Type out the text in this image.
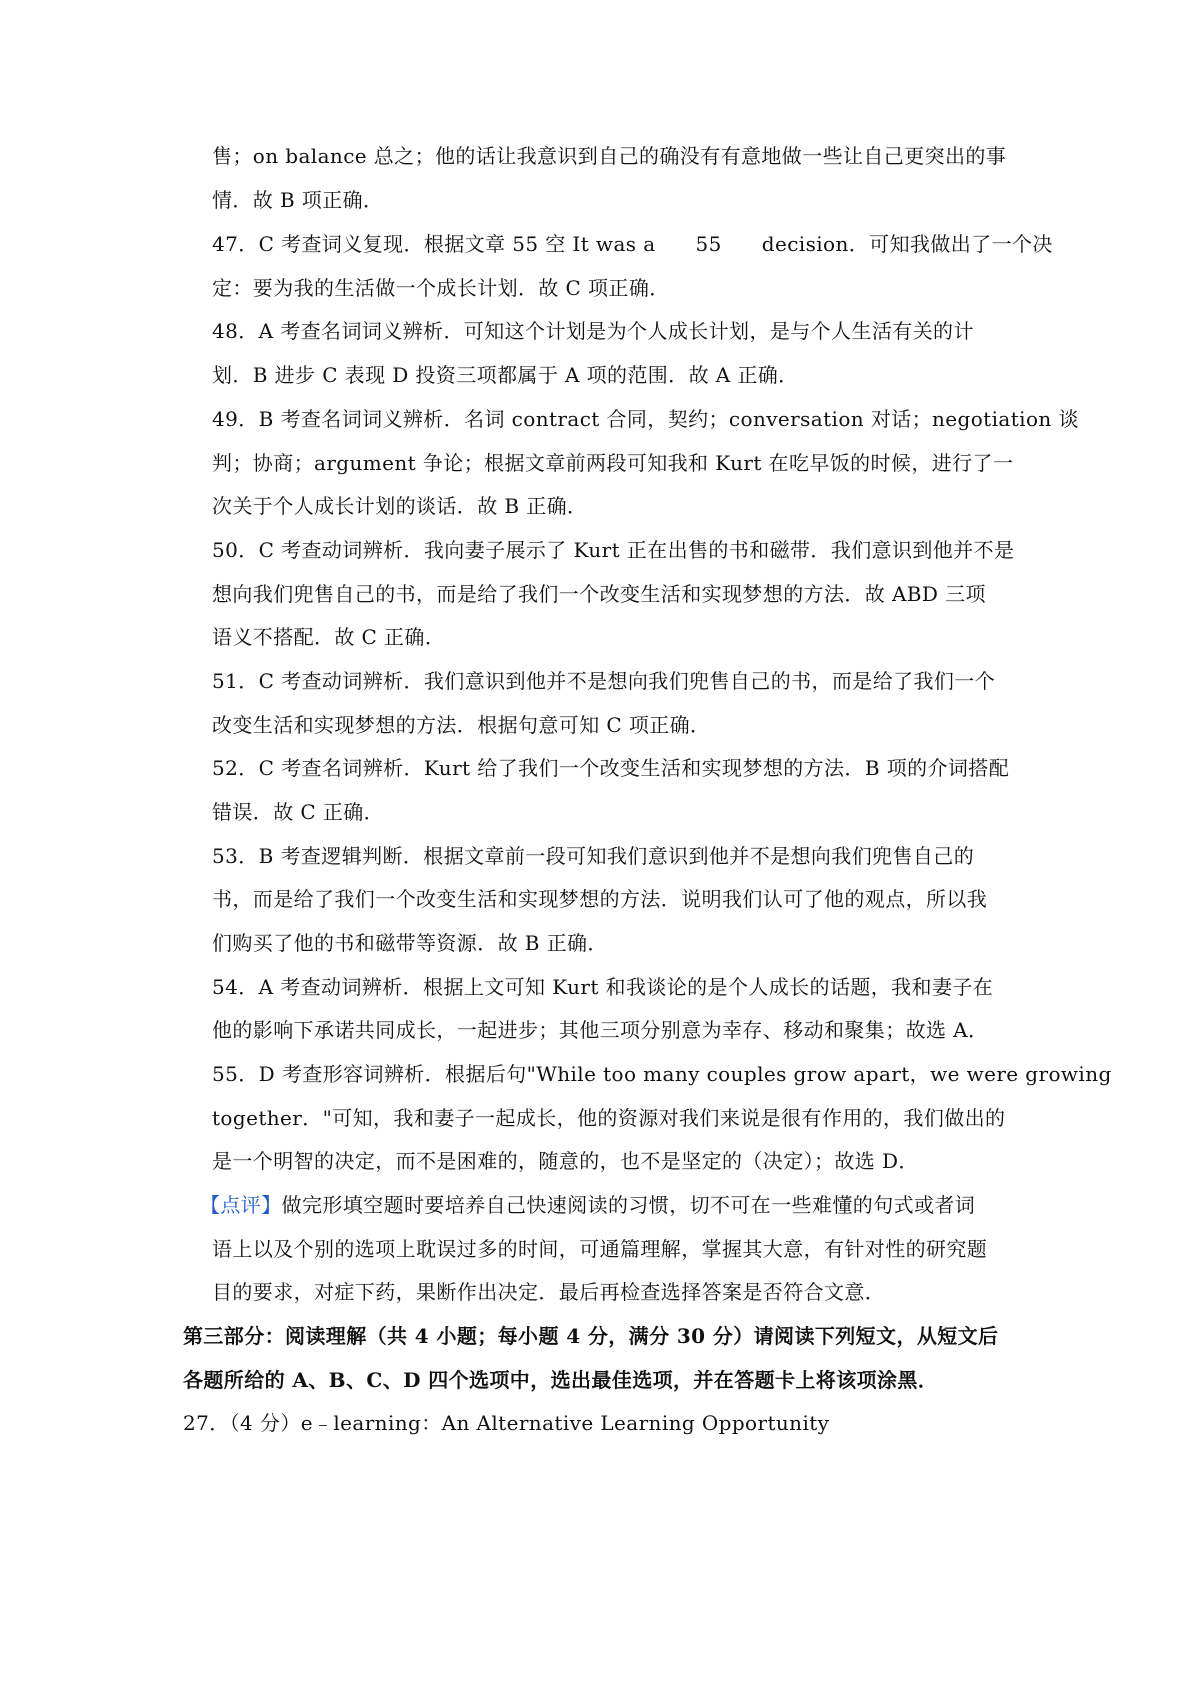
售；on balance 总之；他的话让我意识到自己的确没有有意地做一些让自己更突出的事
情．故 B 项正确．
47．C 考查词义复现．根据文章 55 空 It was a 55 decision．可知我做出了一个决
定：要为我的生活做一个成长计划．故 C 项正确．
48．A 考查名词词义辨析．可知这个计划是为个人成长计划，是与个人生活有关的计
划．B 进步 C 表现 D 投资三项都属于 A 项的范围．故 A 正确．
49．B 考查名词词义辨析．名词 contract 合同，契约；conversation 对话；negotiation 谈
判；协商；argument 争论；根据文章前两段可知我和 Kurt 在吃早饭的时候，进行了一
次关于个人成长计划的谈话．故 B 正确．
50．C 考查动词辨析．我向妻子展示了 Kurt 正在出售的书和磁带．我们意识到他并不是
想向我们兜售自己的书，而是给了我们一个改变生活和实现梦想的方法．故 ABD 三项
语义不搭配．故 C 正确．
51．C 考查动词辨析．我们意识到他并不是想向我们兜售自己的书，而是给了我们一个
改变生活和实现梦想的方法．根据句意可知 C 项正确．
52．C 考查名词辨析．Kurt 给了我们一个改变生活和实现梦想的方法．B 项的介词搭配
错误．故 C 正确．
53．B 考查逻辑判断．根据文章前一段可知我们意识到他并不是想向我们兜售自己的
书，而是给了我们一个改变生活和实现梦想的方法．说明我们认可了他的观点，所以我
们购买了他的书和磁带等资源．故 B 正确．
54．A 考查动词辨析．根据上文可知 Kurt 和我谈论的是个人成长的话题，我和妻子在
他的影响下承诺共同成长，一起进步；其他三项分别意为幸存、移动和聚集；故选 A．
55．D 考查形容词辨析．根据后句"While too many couples grow apart，we were growing
together．"可知，我和妻子一起成长，他的资源对我们来说是很有作用的，我们做出的
是一个明智的决定，而不是困难的，随意的，也不是坚定的（决定）；故选 D．
【点评】做完形填空题时要培养自己快速阅读的习惯，切不可在一些难懂的句式或者词
语上以及个别的选项上耽误过多的时间，可通篇理解，掌握其大意，有针对性的研究题
目的要求，对症下药，果断作出决定．最后再检查选择答案是否符合文意．
第三部分：阅读理解（共 4 小题；每小题 4 分，满分 30 分）请阅读下列短文，从短文后
各题所给的 A、B、C、D 四个选项中，选出最佳选项，并在答题卡上将该项涂黑．
27．（4 分）e﹣learning：An Alternative Learning Opportunity
